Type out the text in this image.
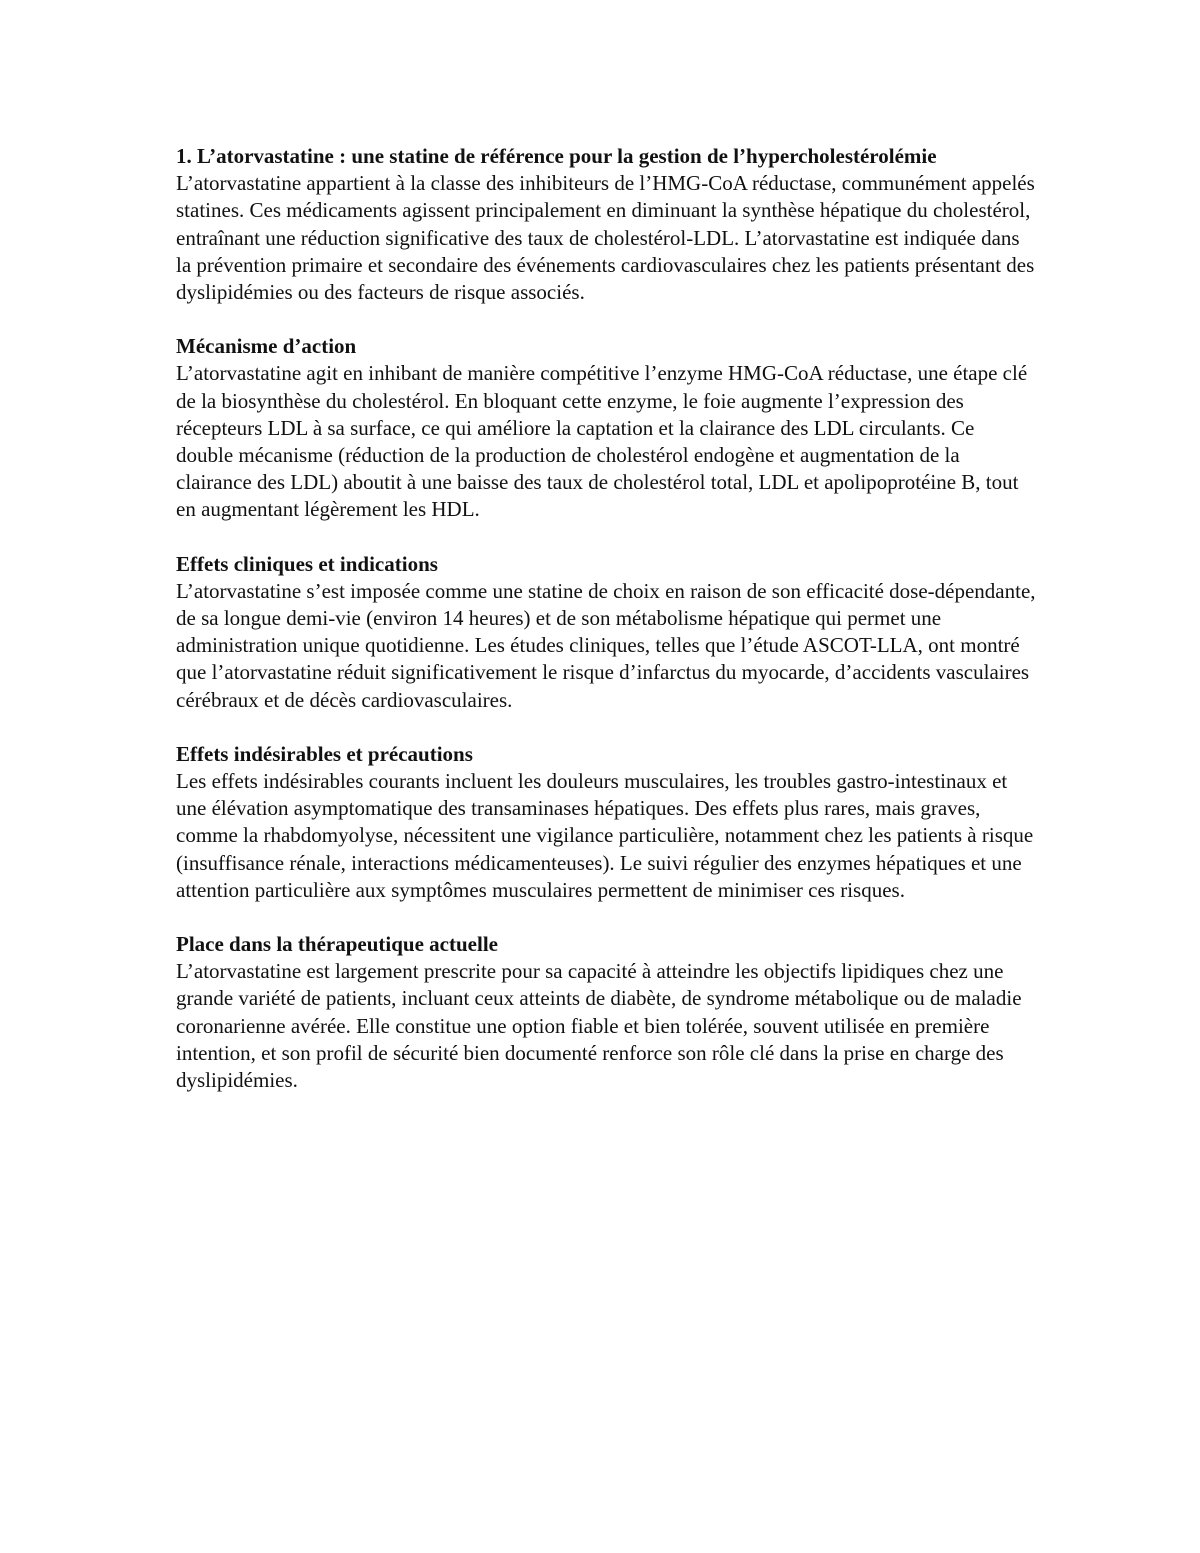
1. L’atorvastatine : une statine de référence pour la gestion de l’hypercholestérolémie

L’atorvastatine appartient à la classe des inhibiteurs de l’HMG-CoA réductase, communément appelés statines. Ces médicaments agissent principalement en diminuant la synthèse hépatique du cholestérol, entraînant une réduction significative des taux de cholestérol-LDL. L’atorvastatine est indiquée dans la prévention primaire et secondaire des événements cardiovasculaires chez les patients présentant des dyslipidémies ou des facteurs de risque associés.

Mécanisme d’action

L’atorvastatine agit en inhibant de manière compétitive l’enzyme HMG-CoA réductase, une étape clé de la biosynthèse du cholestérol. En bloquant cette enzyme, le foie augmente l’expression des récepteurs LDL à sa surface, ce qui améliore la captation et la clairance des LDL circulants. Ce double mécanisme (réduction de la production de cholestérol endogène et augmentation de la clairance des LDL) aboutit à une baisse des taux de cholestérol total, LDL et apolipoprotéine B, tout en augmentant légèrement les HDL.

Effets cliniques et indications

L’atorvastatine s’est imposée comme une statine de choix en raison de son efficacité dose-dépendante, de sa longue demi-vie (environ 14 heures) et de son métabolisme hépatique qui permet une administration unique quotidienne. Les études cliniques, telles que l’étude ASCOT-LLA, ont montré que l’atorvastatine réduit significativement le risque d’infarctus du myocarde, d’accidents vasculaires cérébraux et de décès cardiovasculaires.

Effets indésirables et précautions

Les effets indésirables courants incluent les douleurs musculaires, les troubles gastro-intestinaux et une élévation asymptomatique des transaminases hépatiques. Des effets plus rares, mais graves, comme la rhabdomyolyse, nécessitent une vigilance particulière, notamment chez les patients à risque (insuffisance rénale, interactions médicamenteuses). Le suivi régulier des enzymes hépatiques et une attention particulière aux symptômes musculaires permettent de minimiser ces risques.

Place dans la thérapeutique actuelle

L’atorvastatine est largement prescrite pour sa capacité à atteindre les objectifs lipidiques chez une grande variété de patients, incluant ceux atteints de diabète, de syndrome métabolique ou de maladie coronarienne avérée. Elle constitue une option fiable et bien tolérée, souvent utilisée en première intention, et son profil de sécurité bien documenté renforce son rôle clé dans la prise en charge des dyslipidémies.
